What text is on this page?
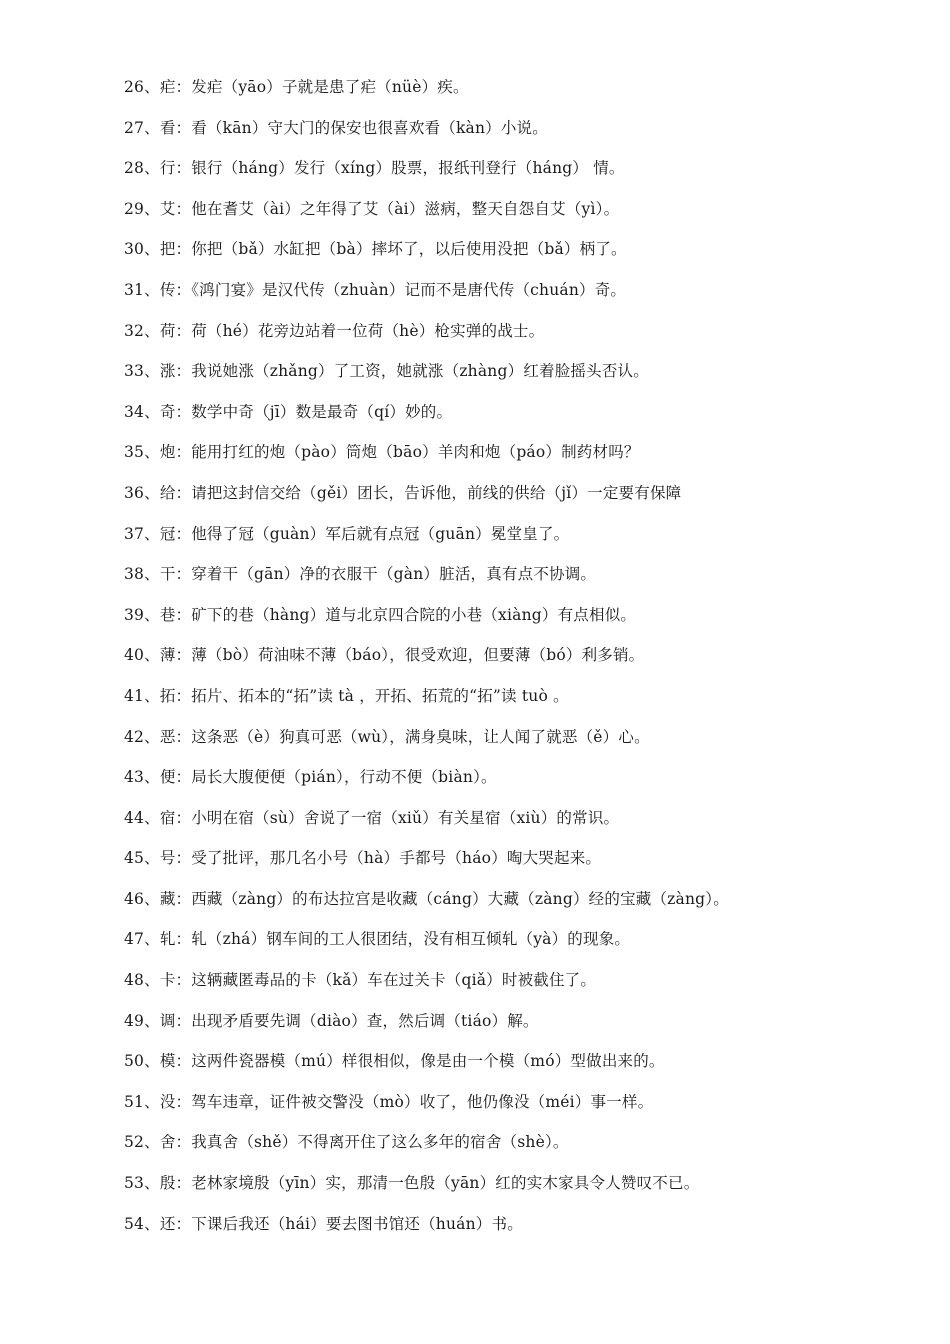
26、疟：发疟（yāo）子就是患了疟（nüè）疾。
27、看：看（kān）守大门的保安也很喜欢看（kàn）小说。
28、行：银行（háng）发行（xíng）股票，报纸刊登行（háng） 情。
29、艾：他在耆艾（ài）之年得了艾（ài）滋病，整天自怨自艾（yì）。
30、把：你把（bǎ）水缸把（bà）摔坏了，以后使用没把（bǎ）柄了。
31、传：《鸿门宴》是汉代传（zhuàn）记而不是唐代传（chuán）奇。
32、荷：荷（hé）花旁边站着一位荷（hè）枪实弹的战士。
33、涨：我说她涨（zhǎng）了工资，她就涨（zhàng）红着脸摇头否认。
34、奇：数学中奇（jī）数是最奇（qí）妙的。
35、炮：能用打红的炮（pào）筒炮（bāo）羊肉和炮（páo）制药材吗？
36、给：请把这封信交给（gěi）团长，告诉他，前线的供给（jǐ）一定要有保障
37、冠：他得了冠（guàn）军后就有点冠（guān）冕堂皇了。
38、干：穿着干（gān）净的衣服干（gàn）脏活，真有点不协调。
39、巷：矿下的巷（hàng）道与北京四合院的小巷（xiàng）有点相似。
40、薄：薄（bò）荷油味不薄（báo），很受欢迎，但要薄（bó）利多销。
41、拓：拓片、拓本的“拓”读 tà ，开拓、拓荒的“拓”读 tuò 。
42、恶：这条恶（è）狗真可恶（wù），满身臭味，让人闻了就恶（ě）心。
43、便：局长大腹便便（pián），行动不便（biàn）。
44、宿：小明在宿（sù）舍说了一宿（xiǔ）有关星宿（xiù）的常识。
45、号：受了批评，那几名小号（hà）手都号（háo）啕大哭起来。
46、藏：西藏（zàng）的布达拉宫是收藏（cáng）大藏（zàng）经的宝藏（zàng）。
47、轧：轧（zhá）钢车间的工人很团结，没有相互倾轧（yà）的现象。
48、卡：这辆藏匿毒品的卡（kǎ）车在过关卡（qiǎ）时被截住了。
49、调：出现矛盾要先调（diào）查，然后调（tiáo）解。
50、模：这两件瓷器模（mú）样很相似，像是由一个模（mó）型做出来的。
51、没：驾车违章，证件被交警没（mò）收了，他仍像没（méi）事一样。
52、舍：我真舍（shě）不得离开住了这么多年的宿舍（shè）。
53、殷：老林家境殷（yīn）实，那清一色殷（yān）红的实木家具令人赞叹不已。
54、还：下课后我还（hái）要去图书馆还（huán）书。
